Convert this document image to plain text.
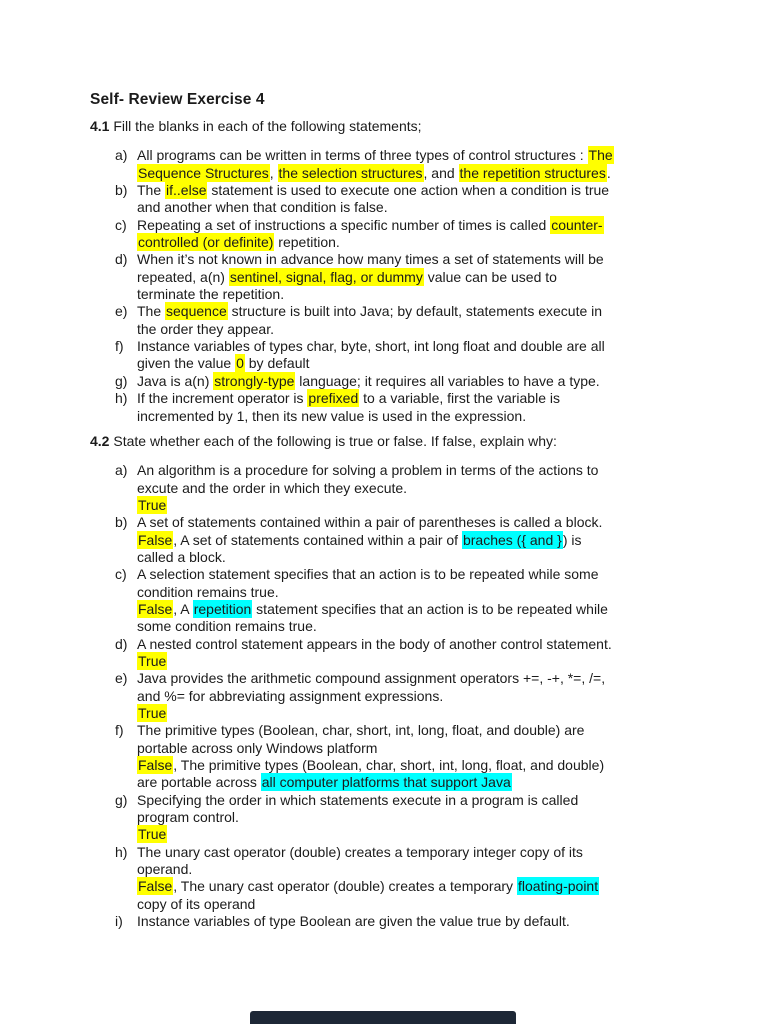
Self- Review Exercise 4
4.1 Fill the blanks in each of the following statements;
a) All programs can be written in terms of three types of control structures : The
Sequence Structures, the selection structures, and the repetition structures.
b) The if..else statement is used to execute one action when a condition is true
and another when that condition is false.
c) Repeating a set of instructions a specific number of times is called counter-
controlled (or definite) repetition.
d) When it’s not known in advance how many times a set of statements will be
repeated, a(n) sentinel, signal, flag, or dummy value can be used to
terminate the repetition.
e) The sequence structure is built into Java; by default, statements execute in
the order they appear.
f) Instance variables of types char, byte, short, int long float and double are all
given the value 0 by default
g) Java is a(n) strongly-type language; it requires all variables to have a type.
h) If the increment operator is prefixed to a variable, first the variable is
incremented by 1, then its new value is used in the expression.
4.2 State whether each of the following is true or false. If false, explain why:
a) An algorithm is a procedure for solving a problem in terms of the actions to
excute and the order in which they execute.
True
b) A set of statements contained within a pair of parentheses is called a block.
False, A set of statements contained within a pair of braches ({ and }) is
called a block.
c) A selection statement specifies that an action is to be repeated while some
condition remains true.
False, A repetition statement specifies that an action is to be repeated while
some condition remains true.
d) A nested control statement appears in the body of another control statement.
True
e) Java provides the arithmetic compound assignment operators +=, -+, *=, /=,
and %= for abbreviating assignment expressions.
True
f) The primitive types (Boolean, char, short, int, long, float, and double) are
portable across only Windows platform
False, The primitive types (Boolean, char, short, int, long, float, and double)
are portable across all computer platforms that support Java
g) Specifying the order in which statements execute in a program is called
program control.
True
h) The unary cast operator (double) creates a temporary integer copy of its
operand.
False, The unary cast operator (double) creates a temporary floating-point
copy of its operand
i)	Instance variables of type Boolean are given the value true by default.
